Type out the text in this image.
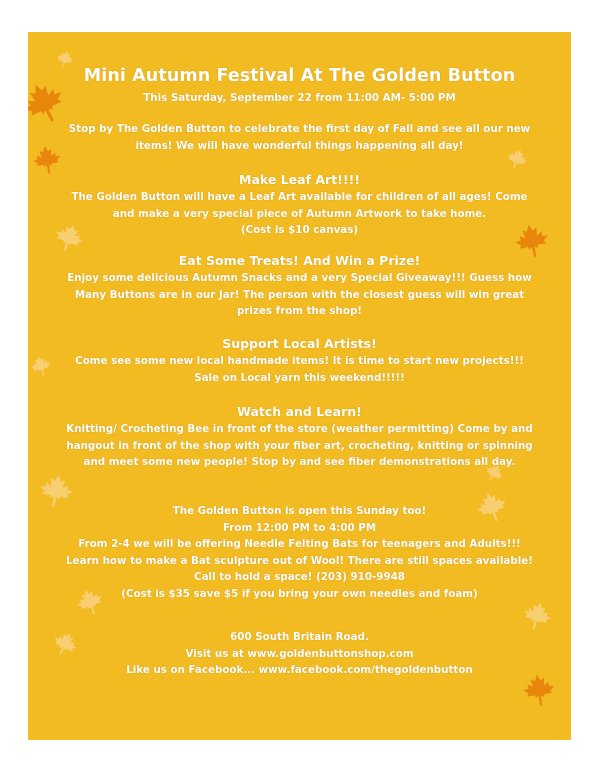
Mini Autumn Festival At The Golden Button

This Saturday, September 22 from 11:00 AM- 5:00 PM

Stop by The Golden Button to celebrate the first day of Fall and see all our new
items! We will have wonderful things happening all day!

Make Leaf Art!!!!
The Golden Button will have a Leaf Art available for children of all ages! Come
and make a very special piece of Autumn Artwork to take home.
(Cost is $10 canvas)

Eat Some Treats! And Win a Prize!
Enjoy some delicious Autumn Snacks and a very Special Giveaway!!! Guess how
Many Buttons are in our Jar! The person with the closest guess will win great
prizes from the shop!

Support Local Artists!
Come see some new local handmade items! It is time to start new projects!!!
Sale on Local yarn this weekend!!!!!

Watch and Learn!
Knitting/ Crocheting Bee in front of the store (weather permitting) Come by and
hangout in front of the shop with your fiber art, crocheting, knitting or spinning
and meet some new people! Stop by and see fiber demonstrations all day.

The Golden Button is open this Sunday too!
From 12:00 PM to 4:00 PM
From 2-4 we will be offering Needle Felting Bats for teenagers and Adults!!!
Learn how to make a Bat sculpture out of Wool! There are still spaces available!
Call to hold a space! (203) 910-9948
(Cost is $35 save $5 if you bring your own needles and foam)

600 South Britain Road.
Visit us at www.goldenbuttonshop.com
Like us on Facebook... www.facebook.com/thegoldenbutton
